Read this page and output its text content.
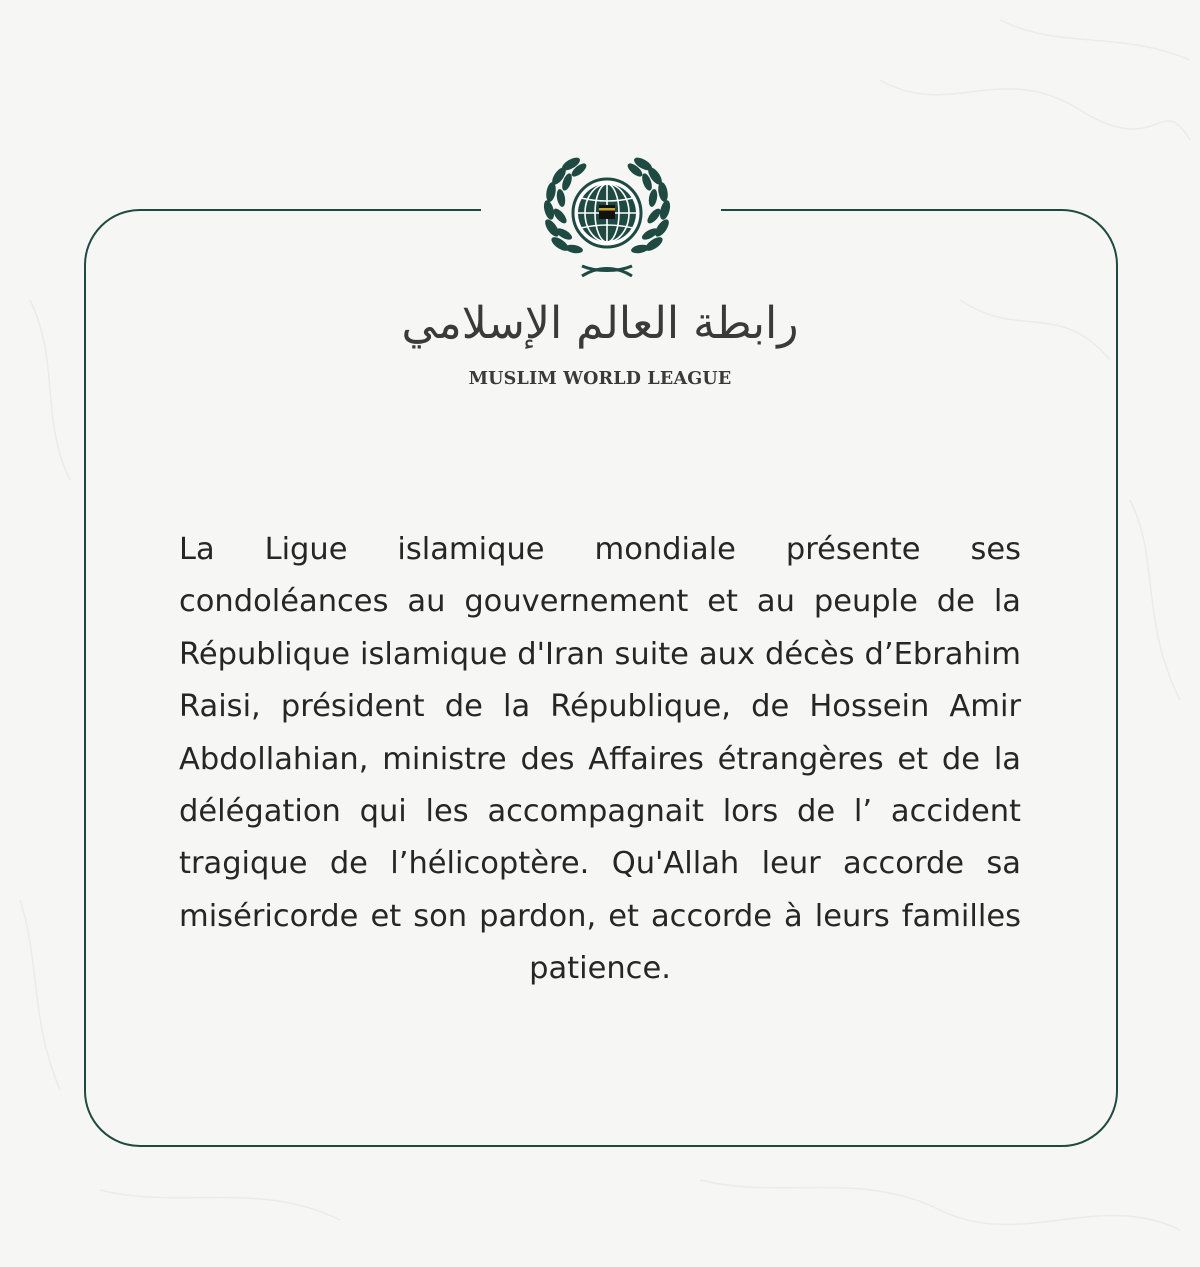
رابطة العالم الإسلامي
MUSLIM WORLD LEAGUE

La Ligue islamique mondiale présente ses condoléances au gouvernement et au peuple de la République islamique d'Iran suite aux décès d’Ebrahim Raisi, président de la République, de Hossein Amir Abdollahian, ministre des Affaires étrangères et de la délégation qui les accompagnait lors de l’ accident tragique de l’hélicoptère. Qu'Allah leur accorde sa miséricorde et son pardon, et accorde à leurs familles patience.
